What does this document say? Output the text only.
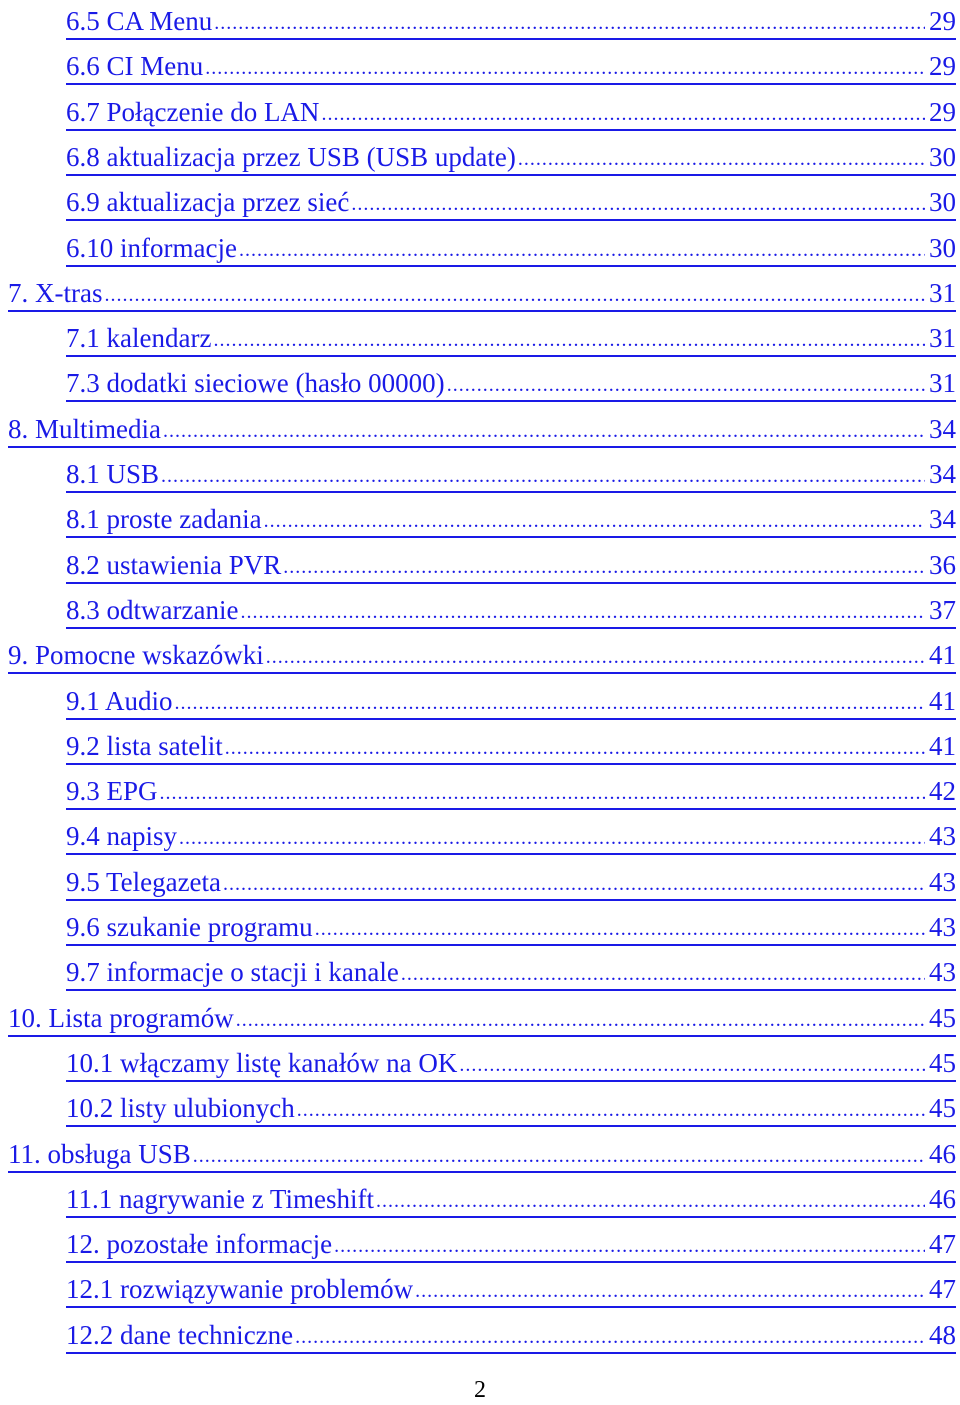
6.5 CA Menu .....	29
6.6 CI Menu .....	29
6.7 Połączenie do LAN .....	29
6.8 aktualizacja przez USB (USB update) .....	30
6.9 aktualizacja przez sieć .....	30
6.10 informacje .....	30
7. X-tras .....	31
7.1 kalendarz .....	31
7.3 dodatki sieciowe (hasło 00000) .....	31
8. Multimedia .....	34
8.1 USB .....	34
8.1 proste zadania .....	34
8.2 ustawienia PVR .....	36
8.3 odtwarzanie .....	37
9. Pomocne wskazówki .....	41
9.1 Audio .....	41
9.2 lista satelit .....	41
9.3 EPG .....	42
9.4 napisy .....	43
9.5 Telegazeta .....	43
9.6 szukanie programu .....	43
9.7 informacje o stacji i kanale .....	43
10. Lista programów .....	45
10.1 włączamy listę kanałów na OK .....	45
10.2 listy ulubionych .....	45
11. obsługa USB .....	46
11.1 nagrywanie z Timeshift .....	46
12. pozostałe informacje .....	47
12.1 rozwiązywanie problemów .....	47
12.2 dane techniczne .....	48
2
